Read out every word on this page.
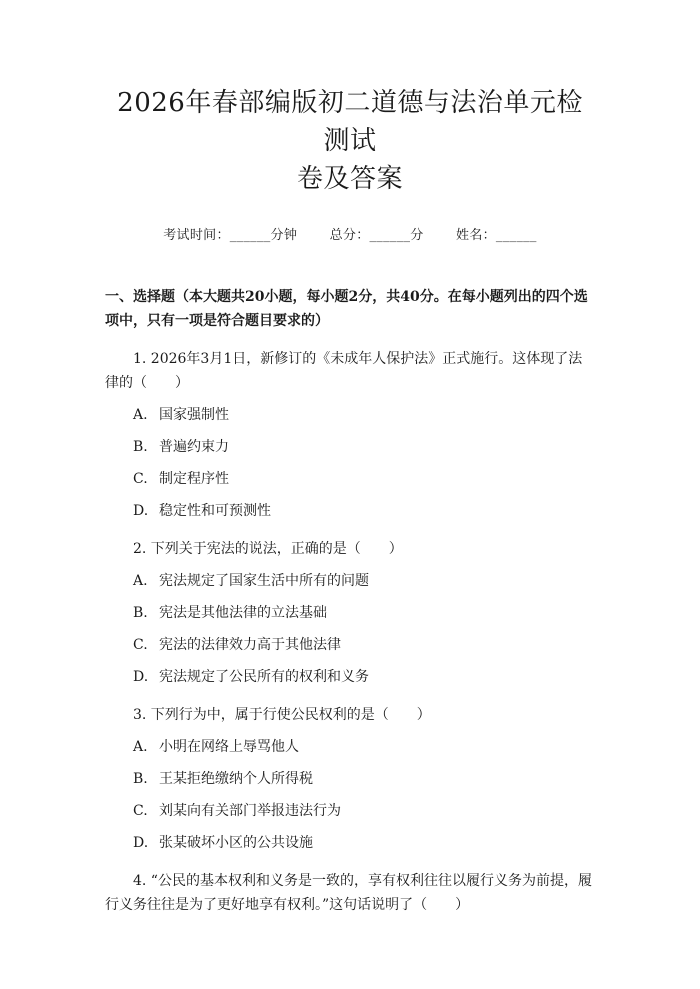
2026年春部编版初二道德与法治单元检测试
卷及答案
考试时间：______分钟 总分：______分 姓名：______
一、选择题（本大题共20小题，每小题2分，共40分。在每小题列出的四个选项中，只有一项是符合题目要求的）
1. 2026年3月1日，新修订的《未成年人保护法》正式施行。这体现了法律的（　　）
A. 国家强制性
B. 普遍约束力
C. 制定程序性
D. 稳定性和可预测性
2. 下列关于宪法的说法，正确的是（　　）
A. 宪法规定了国家生活中所有的问题
B. 宪法是其他法律的立法基础
C. 宪法的法律效力高于其他法律
D. 宪法规定了公民所有的权利和义务
3. 下列行为中，属于行使公民权利的是（　　）
A. 小明在网络上辱骂他人
B. 王某拒绝缴纳个人所得税
C. 刘某向有关部门举报违法行为
D. 张某破坏小区的公共设施
4. “公民的基本权利和义务是一致的，享有权利往往以履行义务为前提，履行义务往往是为了更好地享有权利。”这句话说明了（　　）
